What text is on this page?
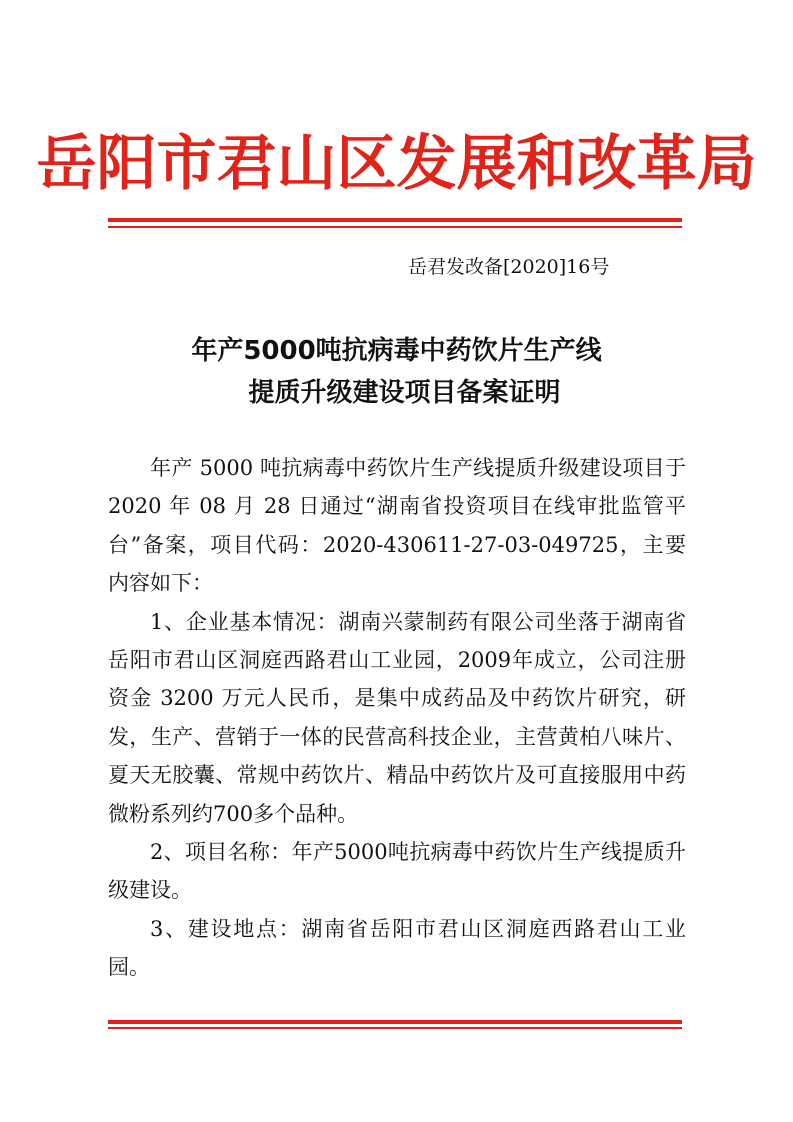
岳阳市君山区发展和改革局
岳君发改备[2020]16号
年产5000吨抗病毒中药饮片生产线
提质升级建设项目备案证明

年产 5000 吨抗病毒中药饮片生产线提质升级建设项目于 2020 年 08 月 28 日通过“湖南省投资项目在线审批监管平台”备案，项目代码：2020-430611-27-03-049725，主要内容如下：

1、企业基本情况：湖南兴蒙制药有限公司坐落于湖南省岳阳市君山区洞庭西路君山工业园，2009年成立，公司注册资金 3200 万元人民币，是集中成药品及中药饮片研究，研发，生产、营销于一体的民营高科技企业，主营黄柏八味片、夏天无胶囊、常规中药饮片、精品中药饮片及可直接服用中药微粉系列约700多个品种。

2、项目名称：年产5000吨抗病毒中药饮片生产线提质升级建设。

3、建设地点：湖南省岳阳市君山区洞庭西路君山工业园。
